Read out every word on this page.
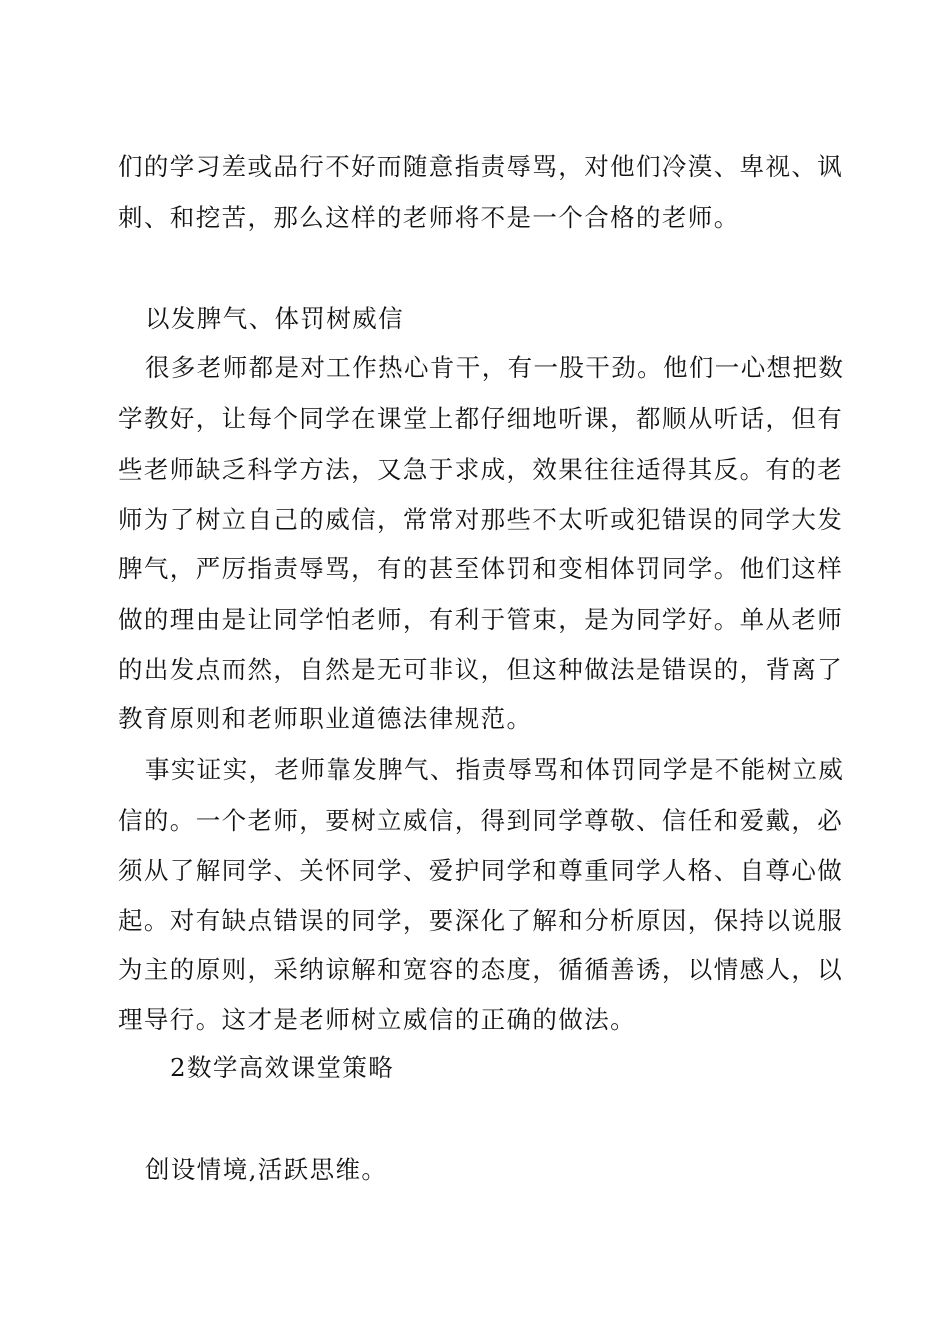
们的学习差或品行不好而随意指责辱骂，对他们冷漠、卑视、讽
刺、和挖苦，那么这样的老师将不是一个合格的老师。
以发脾气、体罚树威信
很多老师都是对工作热心肯干，有一股干劲。他们一心想把数
学教好，让每个同学在课堂上都仔细地听课，都顺从听话，但有
些老师缺乏科学方法，又急于求成，效果往往适得其反。有的老
师为了树立自己的威信，常常对那些不太听或犯错误的同学大发
脾气，严厉指责辱骂，有的甚至体罚和变相体罚同学。他们这样
做的理由是让同学怕老师，有利于管束，是为同学好。单从老师
的出发点而然，自然是无可非议，但这种做法是错误的，背离了
教育原则和老师职业道德法律规范。
事实证实，老师靠发脾气、指责辱骂和体罚同学是不能树立威
信的。一个老师，要树立威信，得到同学尊敬、信任和爱戴，必
须从了解同学、关怀同学、爱护同学和尊重同学人格、自尊心做
起。对有缺点错误的同学，要深化了解和分析原因，保持以说服
为主的原则，采纳谅解和宽容的态度，循循善诱，以情感人，以
理导行。这才是老师树立威信的正确的做法。
2数学高效课堂策略
创设情境,活跃思维。
